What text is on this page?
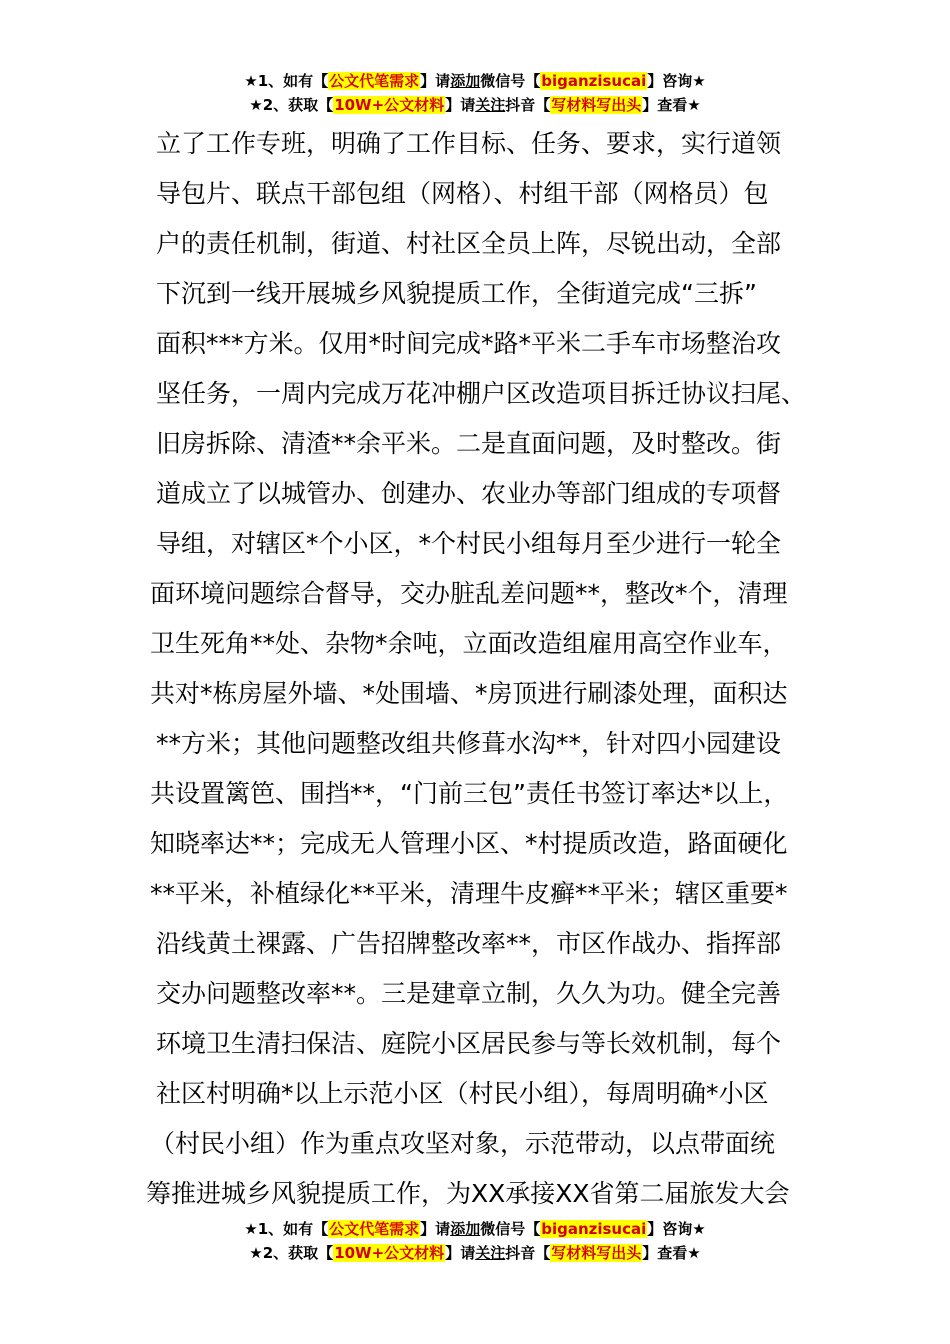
★1、如有【公文代笔需求】请添加微信号【biganzisucai】咨询★
★2、获取【10W+公文材料】请关注抖音【写材料写出头】查看★
立了工作专班，明确了工作目标、任务、要求，实行道领
导包片、联点干部包组（网格）、村组干部（网格员）包
户的责任机制，街道、村社区全员上阵，尽锐出动，全部
下沉到一线开展城乡风貌提质工作，全街道完成“三拆”
面积***方米。仅用*时间完成*路*平米二手车市场整治攻
坚任务，一周内完成万花冲棚户区改造项目拆迁协议扫尾、
旧房拆除、清渣**余平米。二是直面问题，及时整改。街
道成立了以城管办、创建办、农业办等部门组成的专项督
导组，对辖区*个小区，*个村民小组每月至少进行一轮全
面环境问题综合督导，交办脏乱差问题**，整改*个，清理
卫生死角**处、杂物*余吨，立面改造组雇用高空作业车，
共对*栋房屋外墙、*处围墙、*房顶进行刷漆处理，面积达
**方米；其他问题整改组共修葺水沟**，针对四小园建设
共设置篱笆、围挡**，“门前三包”责任书签订率达*以上，
知晓率达**；完成无人管理小区、*村提质改造，路面硬化
**平米，补植绿化**平米，清理牛皮癣**平米；辖区重要*
沿线黄土裸露、广告招牌整改率**，市区作战办、指挥部
交办问题整改率**。三是建章立制，久久为功。健全完善
环境卫生清扫保洁、庭院小区居民参与等长效机制，每个
社区村明确*以上示范小区（村民小组），每周明确*小区
（村民小组）作为重点攻坚对象，示范带动，以点带面统
筹推进城乡风貌提质工作，为XX承接XX省第二届旅发大会
★1、如有【公文代笔需求】请添加微信号【biganzisucai】咨询★
★2、获取【10W+公文材料】请关注抖音【写材料写出头】查看★
